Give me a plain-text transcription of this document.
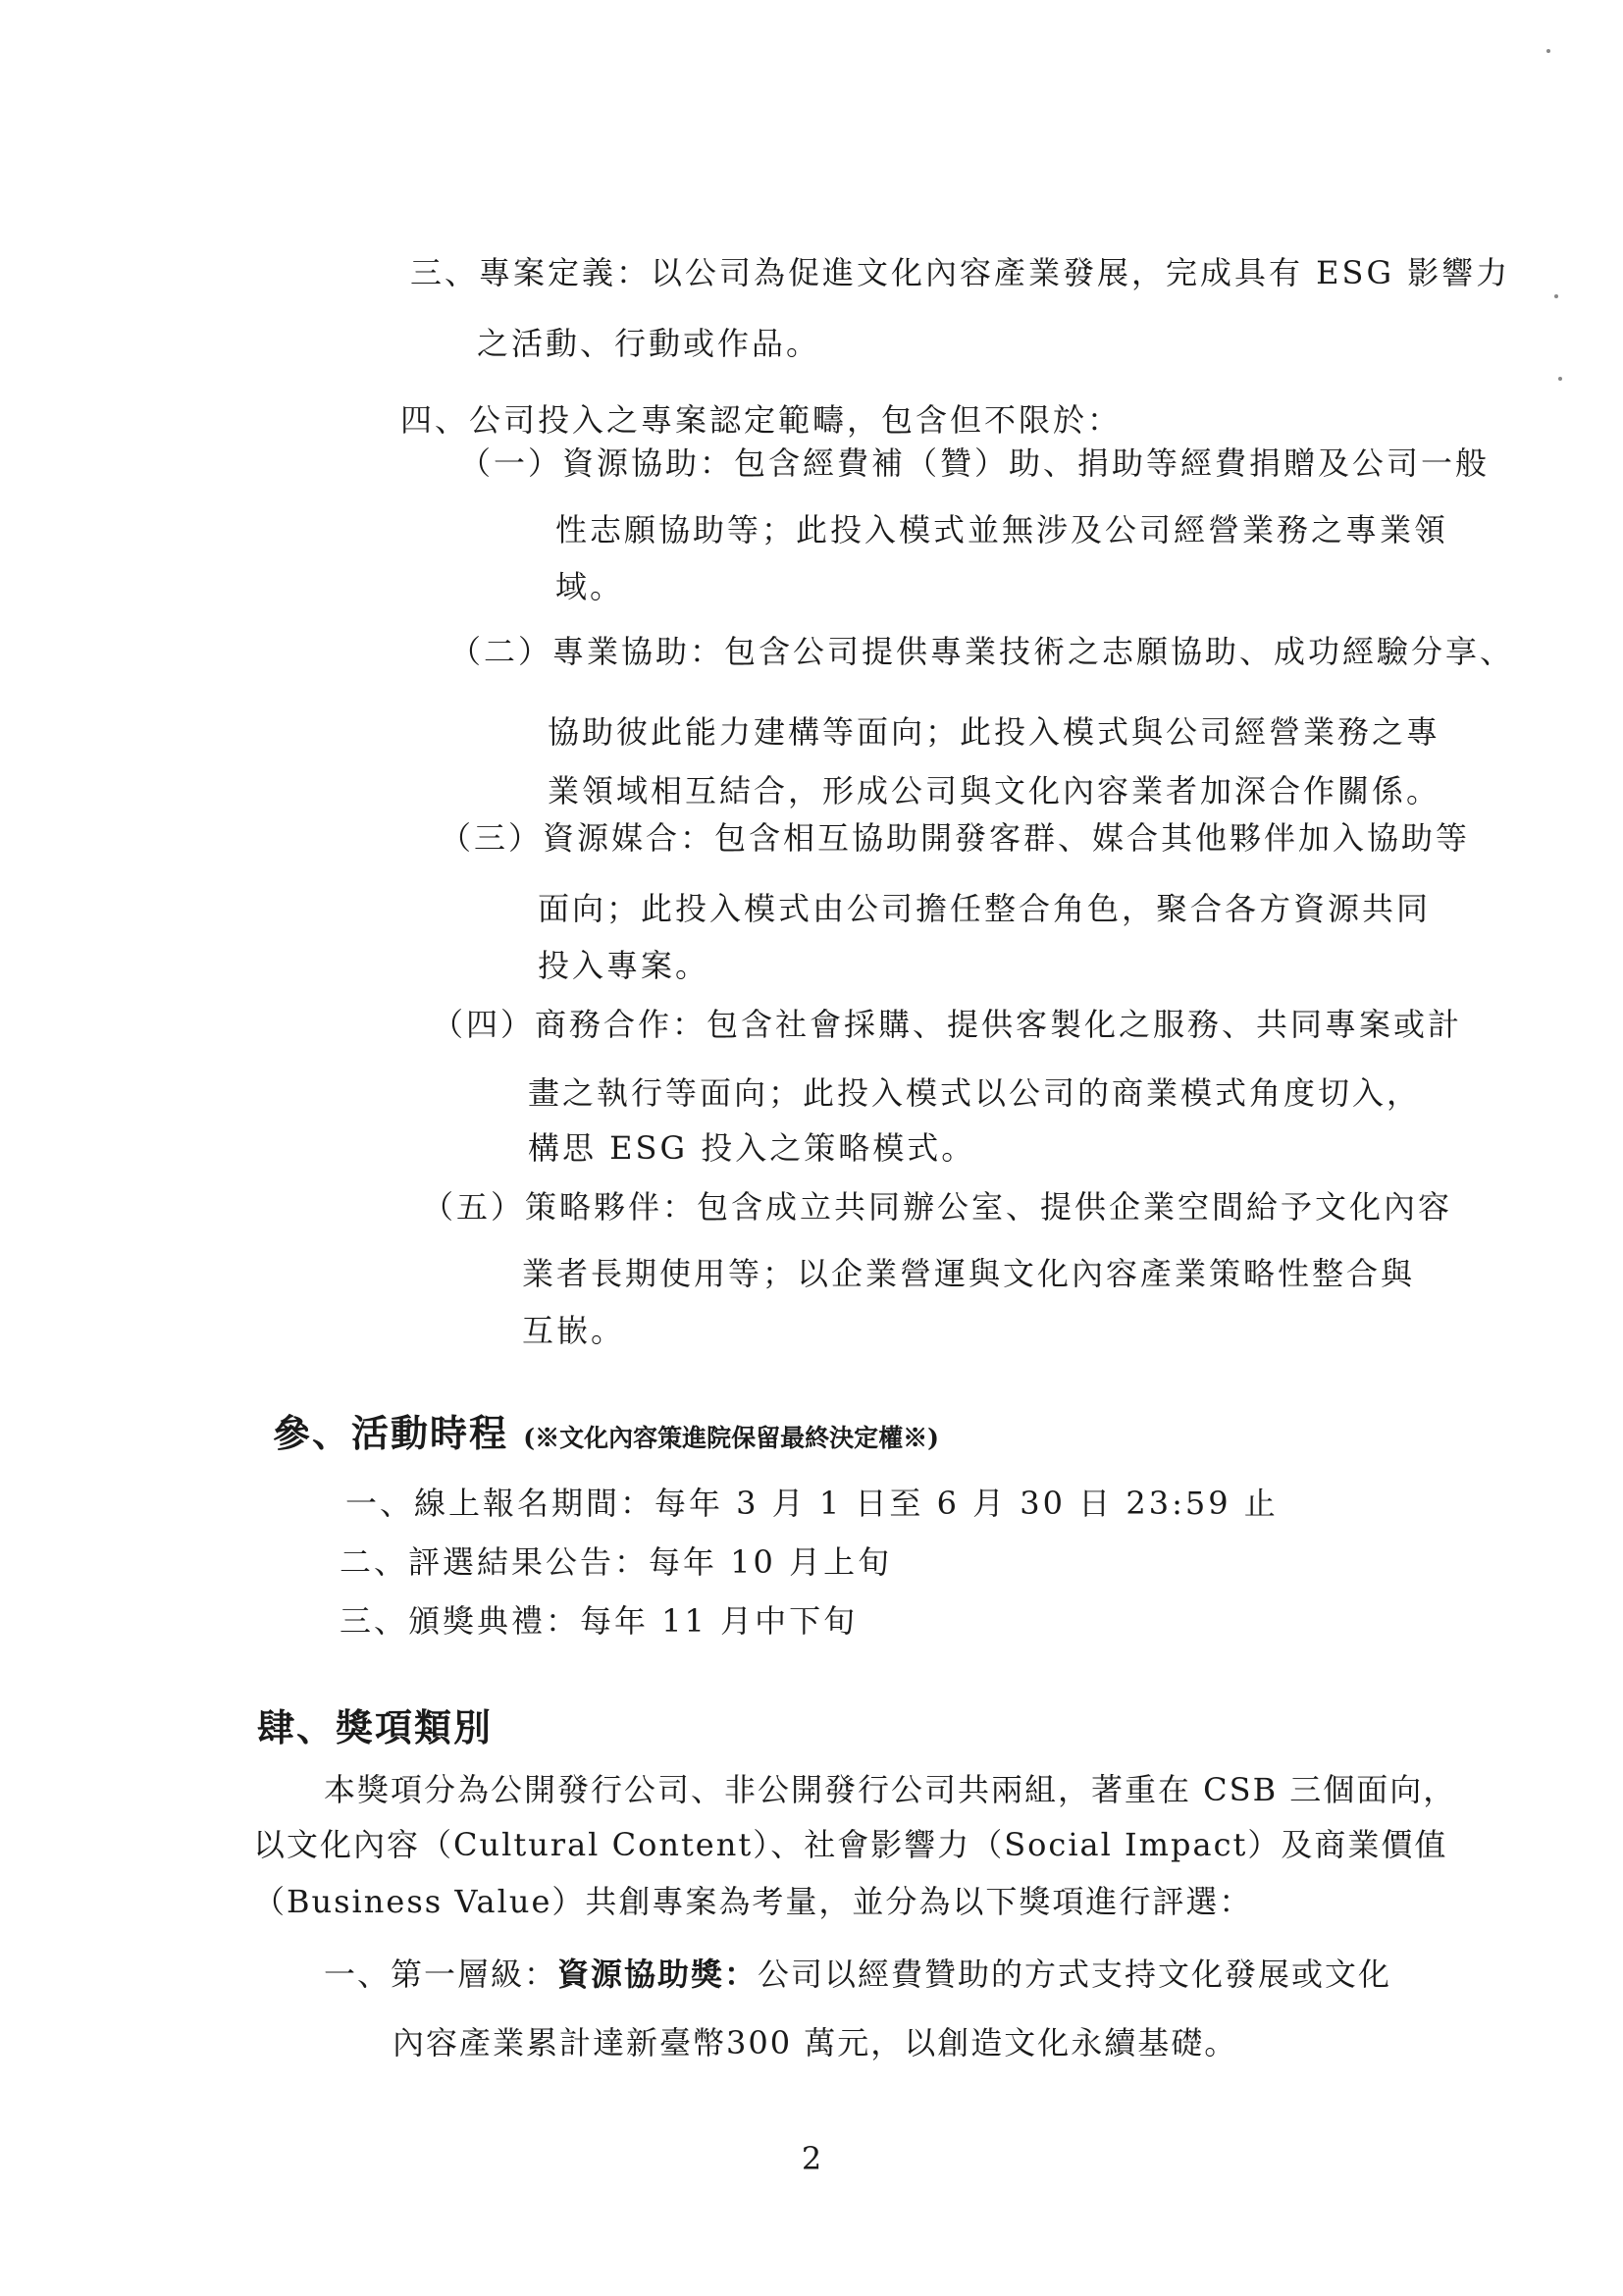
三、專案定義：以公司為促進文化內容產業發展，完成具有 ESG 影響力

之活動、行動或作品。

四、公司投入之專案認定範疇，包含但不限於：

（一）資源協助：包含經費補（贊）助、捐助等經費捐贈及公司一般

性志願協助等；此投入模式並無涉及公司經營業務之專業領

域。

（二）專業協助：包含公司提供專業技術之志願協助、成功經驗分享、

協助彼此能力建構等面向；此投入模式與公司經營業務之專

業領域相互結合，形成公司與文化內容業者加深合作關係。

（三）資源媒合：包含相互協助開發客群、媒合其他夥伴加入協助等

面向；此投入模式由公司擔任整合角色，聚合各方資源共同

投入專案。

（四）商務合作：包含社會採購、提供客製化之服務、共同專案或計

畫之執行等面向；此投入模式以公司的商業模式角度切入，

構思 ESG 投入之策略模式。

（五）策略夥伴：包含成立共同辦公室、提供企業空間給予文化內容

業者長期使用等；以企業營運與文化內容產業策略性整合與

互嵌。

參、活動時程 (※文化內容策進院保留最終決定權※)

一、線上報名期間：每年 3 月 1 日至 6 月 30 日 23:59 止

二、評選結果公告：每年 10 月上旬

三、頒獎典禮：每年 11 月中下旬

肆、獎項類別

本獎項分為公開發行公司、非公開發行公司共兩組，著重在 CSB 三個面向，

以文化內容（Cultural Content）、社會影響力（Social Impact）及商業價值

（Business Value）共創專案為考量，並分為以下獎項進行評選：

一、第一層級：資源協助獎：公司以經費贊助的方式支持文化發展或文化

內容產業累計達新臺幣300 萬元，以創造文化永續基礎。

2
